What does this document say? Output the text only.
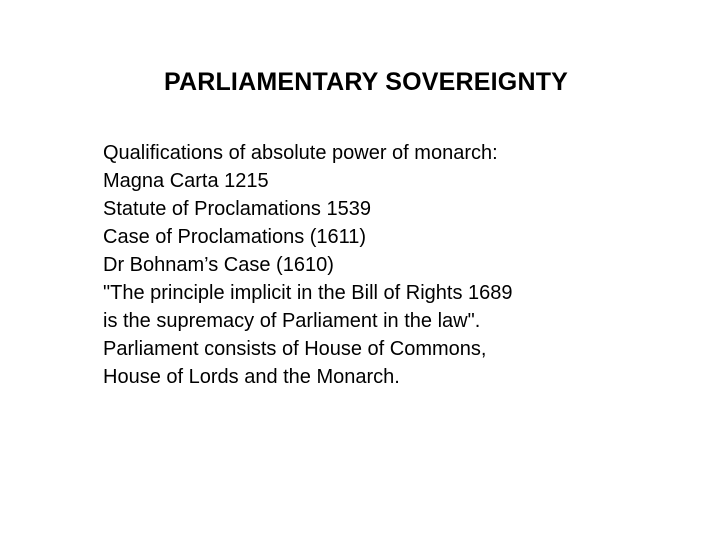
PARLIAMENTARY SOVEREIGNTY
Qualifications of absolute power of monarch:
Magna Carta 1215
Statute of Proclamations 1539
Case of Proclamations (1611)
Dr Bohnam’s Case (1610)
"The principle implicit in the Bill of Rights 1689
is the supremacy of Parliament in the law".
Parliament consists of House of Commons,
House of Lords and the Monarch.
